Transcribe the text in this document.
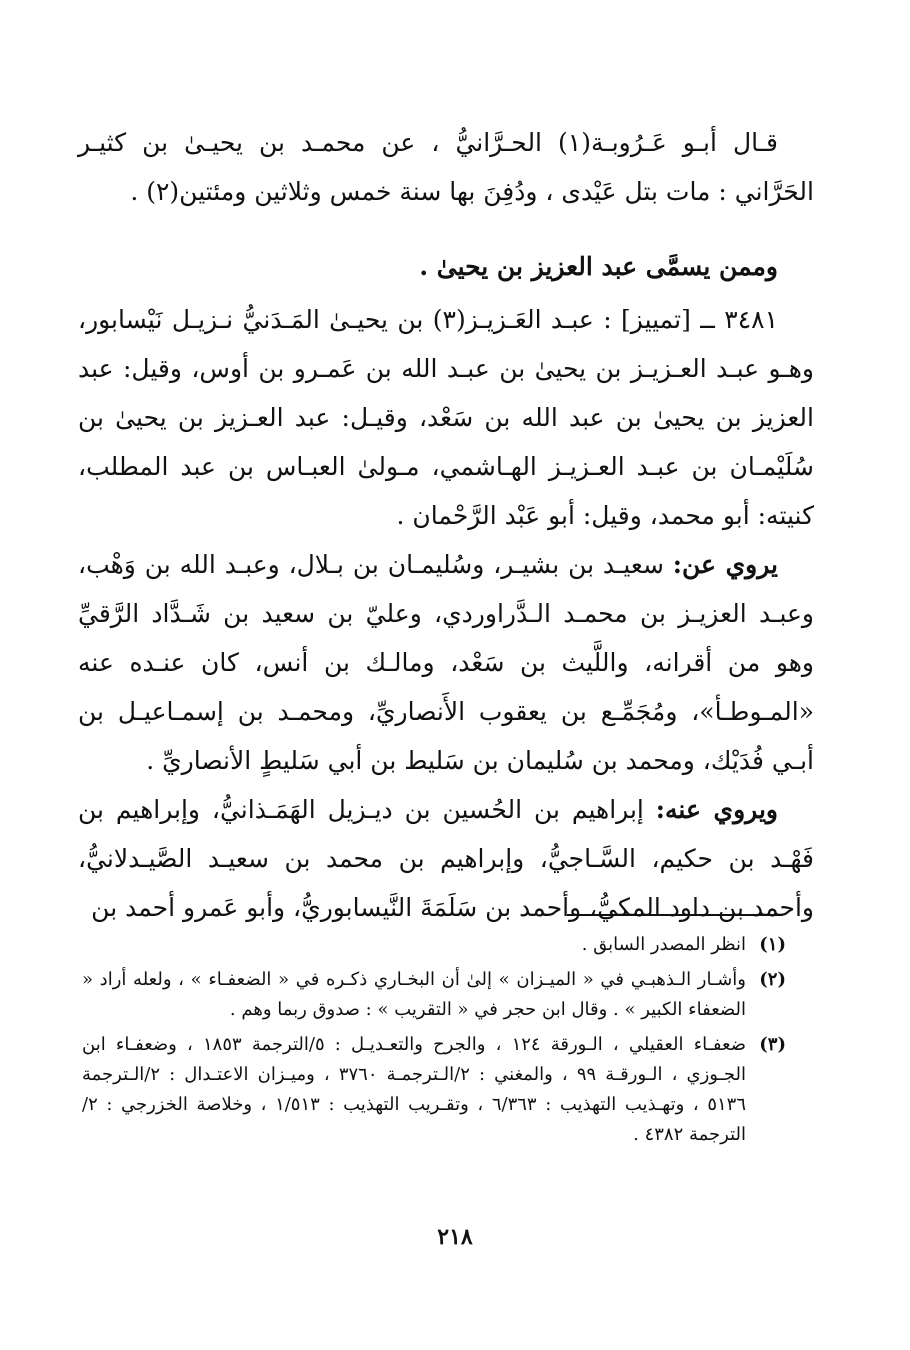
قـال أبـو عَـرُوبـة(١) الحـرَّانيُّ ، عن محمـد بن يحيـىٰ بن كثيـر الحَرَّاني : مات بتل عَيْدى ، ودُفِنَ بها سنة خمس وثلاثين ومئتين(٢) .

وممن يسمَّى عبد العزيز بن يحيىٰ .

٣٤٨١ ــ [تمييز] : عبـد العَـزيـز(٣) بن يحيـىٰ المَـدَنيُّ نـزيـل نَيْسابور، وهـو عبـد العـزيـز بن يحيىٰ بن عبـد الله بن عَمـرو بن أوس، وقيل: عبد العزيز بن يحيىٰ بن عبد الله بن سَعْد، وقيـل: عبد العـزيز بن يحيىٰ بن سُلَيْمـان بن عبـد العـزيـز الهـاشمي، مـولىٰ العبـاس بن عبد المطلب، كنيته: أبو محمد، وقيل: أبو عَبْد الرَّحْمان .

يروي عن: سعيـد بن بشيـر، وسُليمـان بن بـلال، وعبـد الله بن وَهْب، وعبـد العزيـز بن محمـد الـدَّراوردي، وعليّ بن سعيد بن شَـدَّاد الرَّقيِّ وهو من أقرانه، واللَّيث بن سَعْد، ومالـك بن أنس، كان عنـده عنه «المـوطـأ»، ومُجَمِّـع بن يعقوب الأَنصاريِّ، ومحمـد بن إسمـاعيـل بن أبـي فُدَيْك، ومحمد بن سُليمان بن سَليط بن أبي سَليطٍ الأنصاريِّ .

ويروي عنه: إبراهيم بن الحُسين بن ديـزيل الهَمَـذانيُّ، وإبراهيم بن فَهْـد بن حكيم، السَّـاجيُّ، وإبراهيم بن محمد بن سعيـد الصَّيـدلانيُّ، وأحمد بن داود المكيُّ، وأحمد بن سَلَمَةَ النَّيسابوريُّ، وأبو عَمرو أحمد بن

(١)
انظر المصدر السابق .
(٢)
وأشـار الـذهبـي في « الميـزان » إلىٰ أن البخـاري ذكـره في « الضعفـاء » ، ولعله أراد « الضعفاء الكبير » . وقال ابن حجر في « التقريب » : صدوق ربما وهم .
(٣)
ضعفـاء العقيلي ، الـورقة ١٢٤ ، والجرح والتعـديـل : ٥/الترجمة ١٨٥٣ ، وضعفـاء ابن الجـوزي ، الـورقـة ٩٩ ، والمغني : ٢/الـترجمـة ٣٧٦٠ ، وميـزان الاعتـدال : ٢/الـترجمة ٥١٣٦ ، وتهـذيب التهذيب : ٦/٣٦٣ ، وتقـريب التهذيب : ١/٥١٣ ، وخلاصة الخزرجي : ٢/الترجمة ٤٣٨٢ .
٢١٨
